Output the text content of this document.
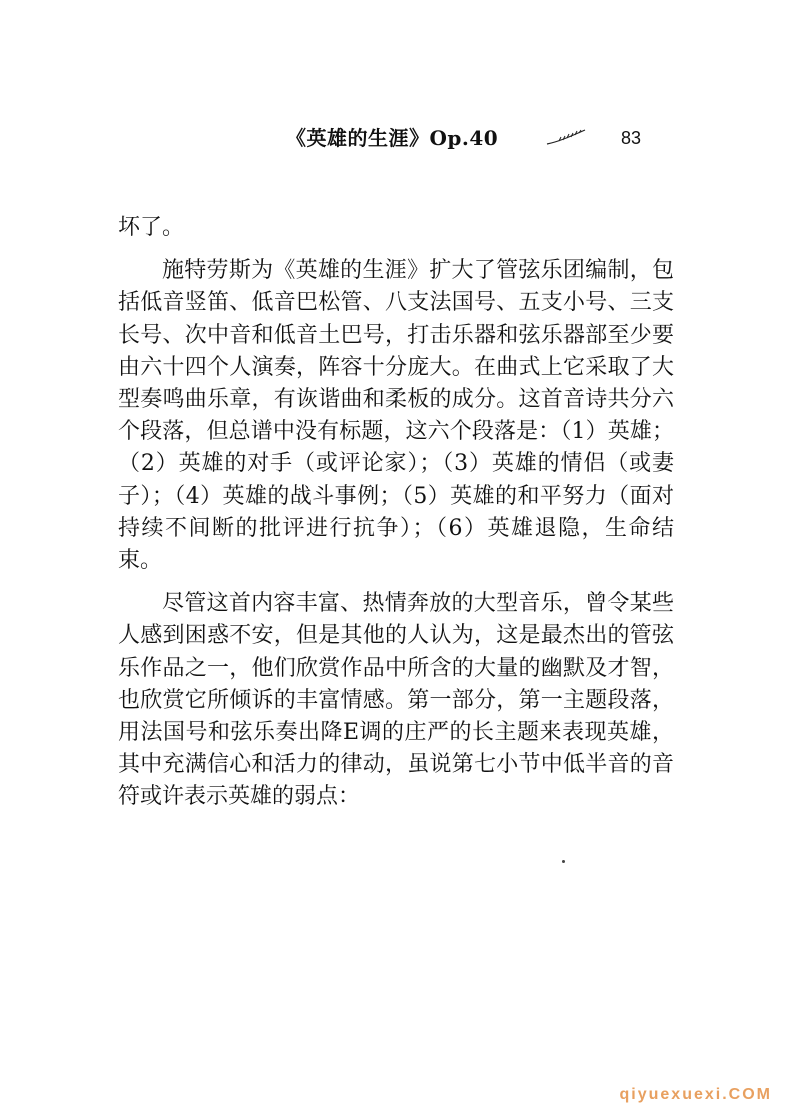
《英雄的生涯》Op.40	83

坏了。

施特劳斯为《英雄的生涯》扩大了管弦乐团编制，包括低音竖笛、低音巴松管、八支法国号、五支小号、三支长号、次中音和低音土巴号，打击乐器和弦乐器部至少要由六十四个人演奏，阵容十分庞大。在曲式上它采取了大型奏鸣曲乐章，有诙谐曲和柔板的成分。这首音诗共分六个段落，但总谱中没有标题，这六个段落是：（1）英雄；（2）英雄的对手（或评论家）；（3）英雄的情侣（或妻子）；（4）英雄的战斗事例；（5）英雄的和平努力（面对持续不间断的批评进行抗争）；（6）英雄退隐，生命结束。

尽管这首内容丰富、热情奔放的大型音乐，曾令某些人感到困惑不安，但是其他的人认为，这是最杰出的管弦乐作品之一，他们欣赏作品中所含的大量的幽默及才智，也欣赏它所倾诉的丰富情感。第一部分，第一主题段落，用法国号和弦乐奏出降E调的庄严的长主题来表现英雄，其中充满信心和活力的律动，虽说第七小节中低半音的音符或许表示英雄的弱点：

qiyuexuexi.COM
